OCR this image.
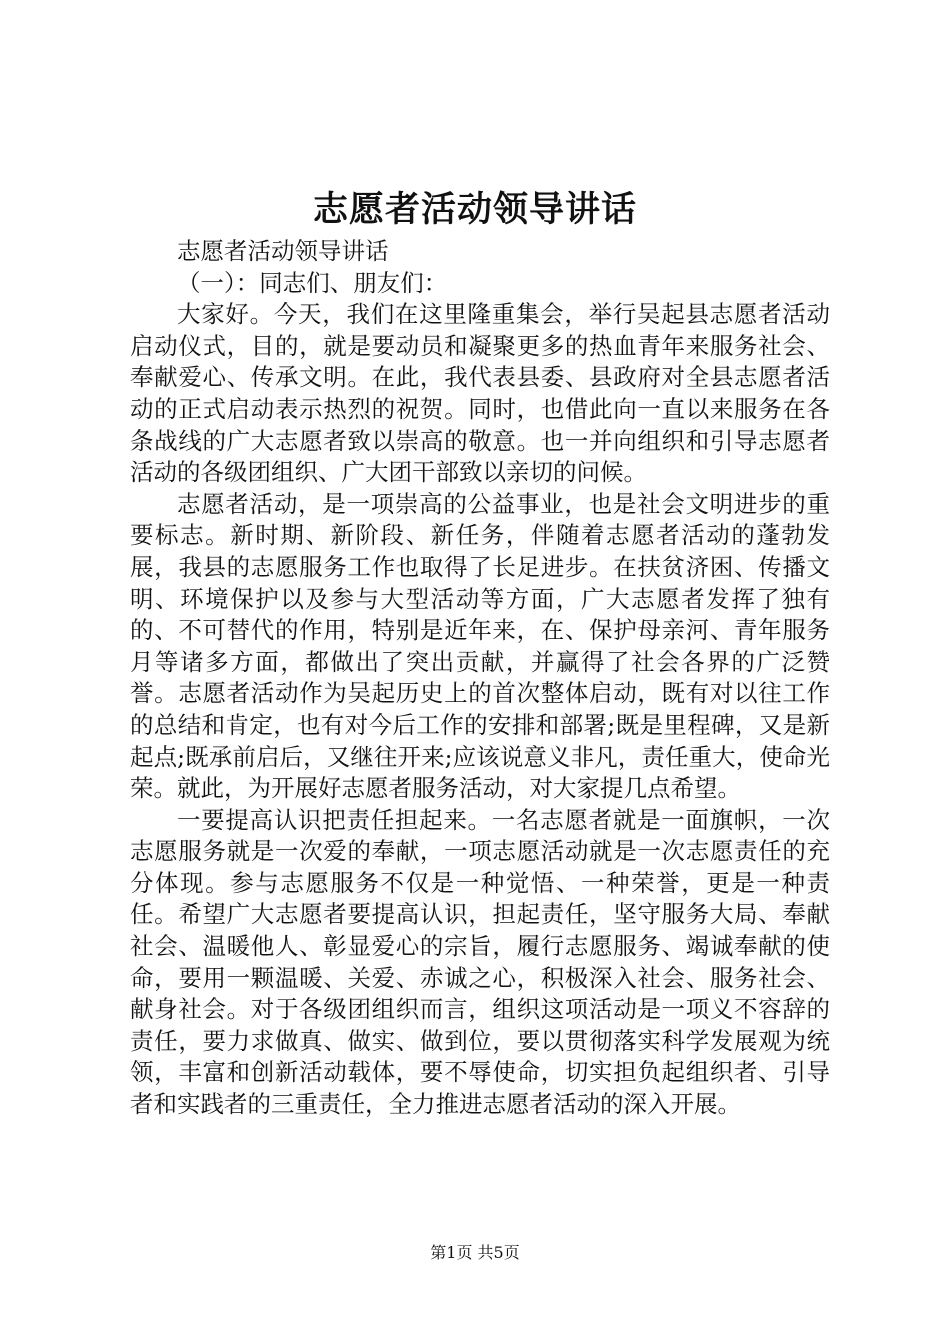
志愿者活动领导讲话

志愿者活动领导讲话

（一）：同志们、朋友们：

大家好。今天，我们在这里隆重集会，举行吴起县志愿者活动启动仪式，目的，就是要动员和凝聚更多的热血青年来服务社会、奉献爱心、传承文明。在此，我代表县委、县政府对全县志愿者活动的正式启动表示热烈的祝贺。同时，也借此向一直以来服务在各条战线的广大志愿者致以崇高的敬意。也一并向组织和引导志愿者活动的各级团组织、广大团干部致以亲切的问候。

志愿者活动，是一项崇高的公益事业，也是社会文明进步的重要标志。新时期、新阶段、新任务，伴随着志愿者活动的蓬勃发展，我县的志愿服务工作也取得了长足进步。在扶贫济困、传播文明、环境保护以及参与大型活动等方面，广大志愿者发挥了独有的、不可替代的作用，特别是近年来，在、保护母亲河、青年服务月等诸多方面，都做出了突出贡献，并赢得了社会各界的广泛赞誉。志愿者活动作为吴起历史上的首次整体启动，既有对以往工作的总结和肯定，也有对今后工作的安排和部署;既是里程碑，又是新起点;既承前启后，又继往开来;应该说意义非凡，责任重大，使命光荣。就此，为开展好志愿者服务活动，对大家提几点希望。

一要提高认识把责任担起来。一名志愿者就是一面旗帜，一次志愿服务就是一次爱的奉献，一项志愿活动就是一次志愿责任的充分体现。参与志愿服务不仅是一种觉悟、一种荣誉，更是一种责任。希望广大志愿者要提高认识，担起责任，坚守服务大局、奉献社会、温暖他人、彰显爱心的宗旨，履行志愿服务、竭诚奉献的使命，要用一颗温暖、关爱、赤诚之心，积极深入社会、服务社会、献身社会。对于各级团组织而言，组织这项活动是一项义不容辞的责任，要力求做真、做实、做到位，要以贯彻落实科学发展观为统领，丰富和创新活动载体，要不辱使命，切实担负起组织者、引导者和实践者的三重责任，全力推进志愿者活动的深入开展。

第1页 共5页
